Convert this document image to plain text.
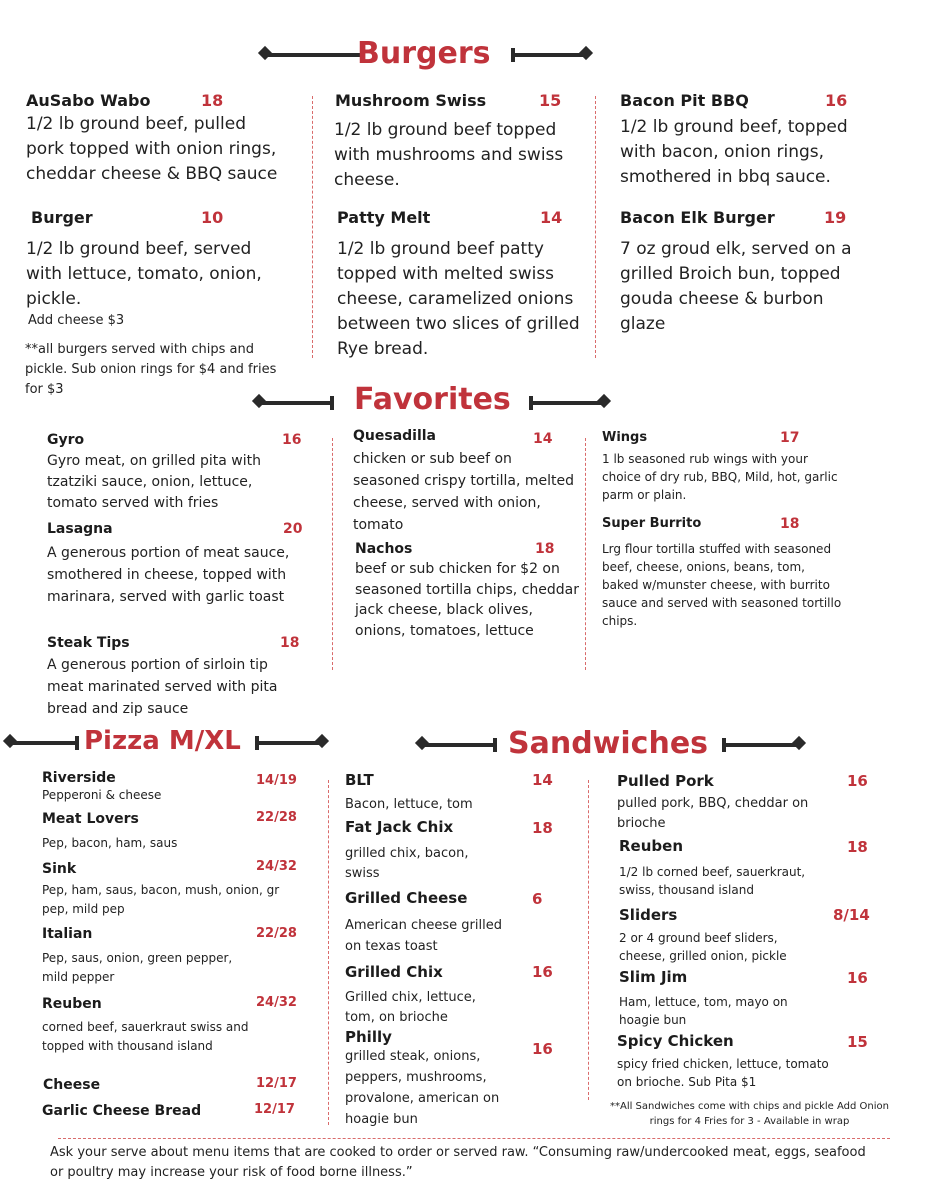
Burgers
AuSabo Wabo	18
1/2 lb ground beef, pulled pork topped with onion rings, cheddar cheese & BBQ sauce
Mushroom Swiss	15
1/2 lb ground beef topped with mushrooms and swiss cheese.
Bacon Pit BBQ	16
1/2 lb ground beef, topped with bacon, onion rings, smothered in bbq sauce.
Burger	10
1/2 lb ground beef, served with lettuce, tomato, onion, pickle.
Add cheese $3
Patty Melt	14
1/2 lb ground beef patty topped with melted swiss cheese, caramelized onions between two slices of grilled Rye bread.
Bacon Elk Burger	19
7 oz groud elk, served on a grilled Broich bun, topped gouda cheese & burbon glaze
**all burgers served with chips and pickle. Sub onion rings for $4 and fries for $3	Favorites
Gyro	16
Gyro meat, on grilled pita with tzatziki sauce, onion, lettuce, tomato served with fries
Lasagna	20
A generous portion of meat sauce, smothered in cheese, topped with marinara, served with garlic toast
Steak Tips	18
A generous portion of sirloin tip meat marinated served with pita bread and zip sauce
Quesadilla	14
chicken or sub beef on seasoned crispy tortilla, melted cheese, served with onion, tomato
Nachos	18
beef or sub chicken for $2 on seasoned tortilla chips, cheddar jack cheese, black olives, onions, tomatoes, lettuce
Wings	17
1 lb seasoned rub wings with your choice of dry rub, BBQ, Mild, hot, garlic parm or plain.
Super Burrito	18
Lrg flour tortilla stuffed with seasoned beef, cheese, onions, beans, tom, baked w/munster cheese, with burrito sauce and served with seasoned tortillo chips.
Pizza M/XL
Riverside	14/19
Pepperoni & cheese
Meat Lovers	22/28
Pep, bacon, ham, saus
Sink	24/32
Pep, ham, saus, bacon, mush, onion, gr pep, mild pep
Italian	22/28
Pep, saus, onion, green pepper, mild pepper
Reuben	24/32
corned beef, sauerkraut swiss and topped with thousand island
Cheese	12/17
Garlic Cheese Bread	12/17
Sandwiches
BLT	14
Bacon, lettuce, tom
Fat Jack Chix	18
grilled chix, bacon, swiss
Grilled Cheese	6
American cheese grilled on texas toast
Grilled Chix	16
Grilled chix, lettuce, tom, on brioche
Philly
16
grilled steak, onions, peppers, mushrooms, provalone, american on hoagie bun
Pulled Pork	16
pulled pork, BBQ, cheddar on brioche
Reuben	18
1/2 lb corned beef, sauerkraut, swiss, thousand island
Sliders	8/14
2 or 4 ground beef sliders, cheese, grilled onion, pickle
Slim Jim	16
Ham, lettuce, tom, mayo on hoagie bun
Spicy Chicken	15
spicy fried chicken, lettuce, tomato on brioche. Sub Pita $1
**All Sandwiches come with chips and pickle Add Onion rings for 4 Fries for 3 - Available in wrap
Ask your serve about menu items that are cooked to order or served raw. “Consuming raw/undercooked meat, eggs, seafood or poultry may increase your risk of food borne illness.”
